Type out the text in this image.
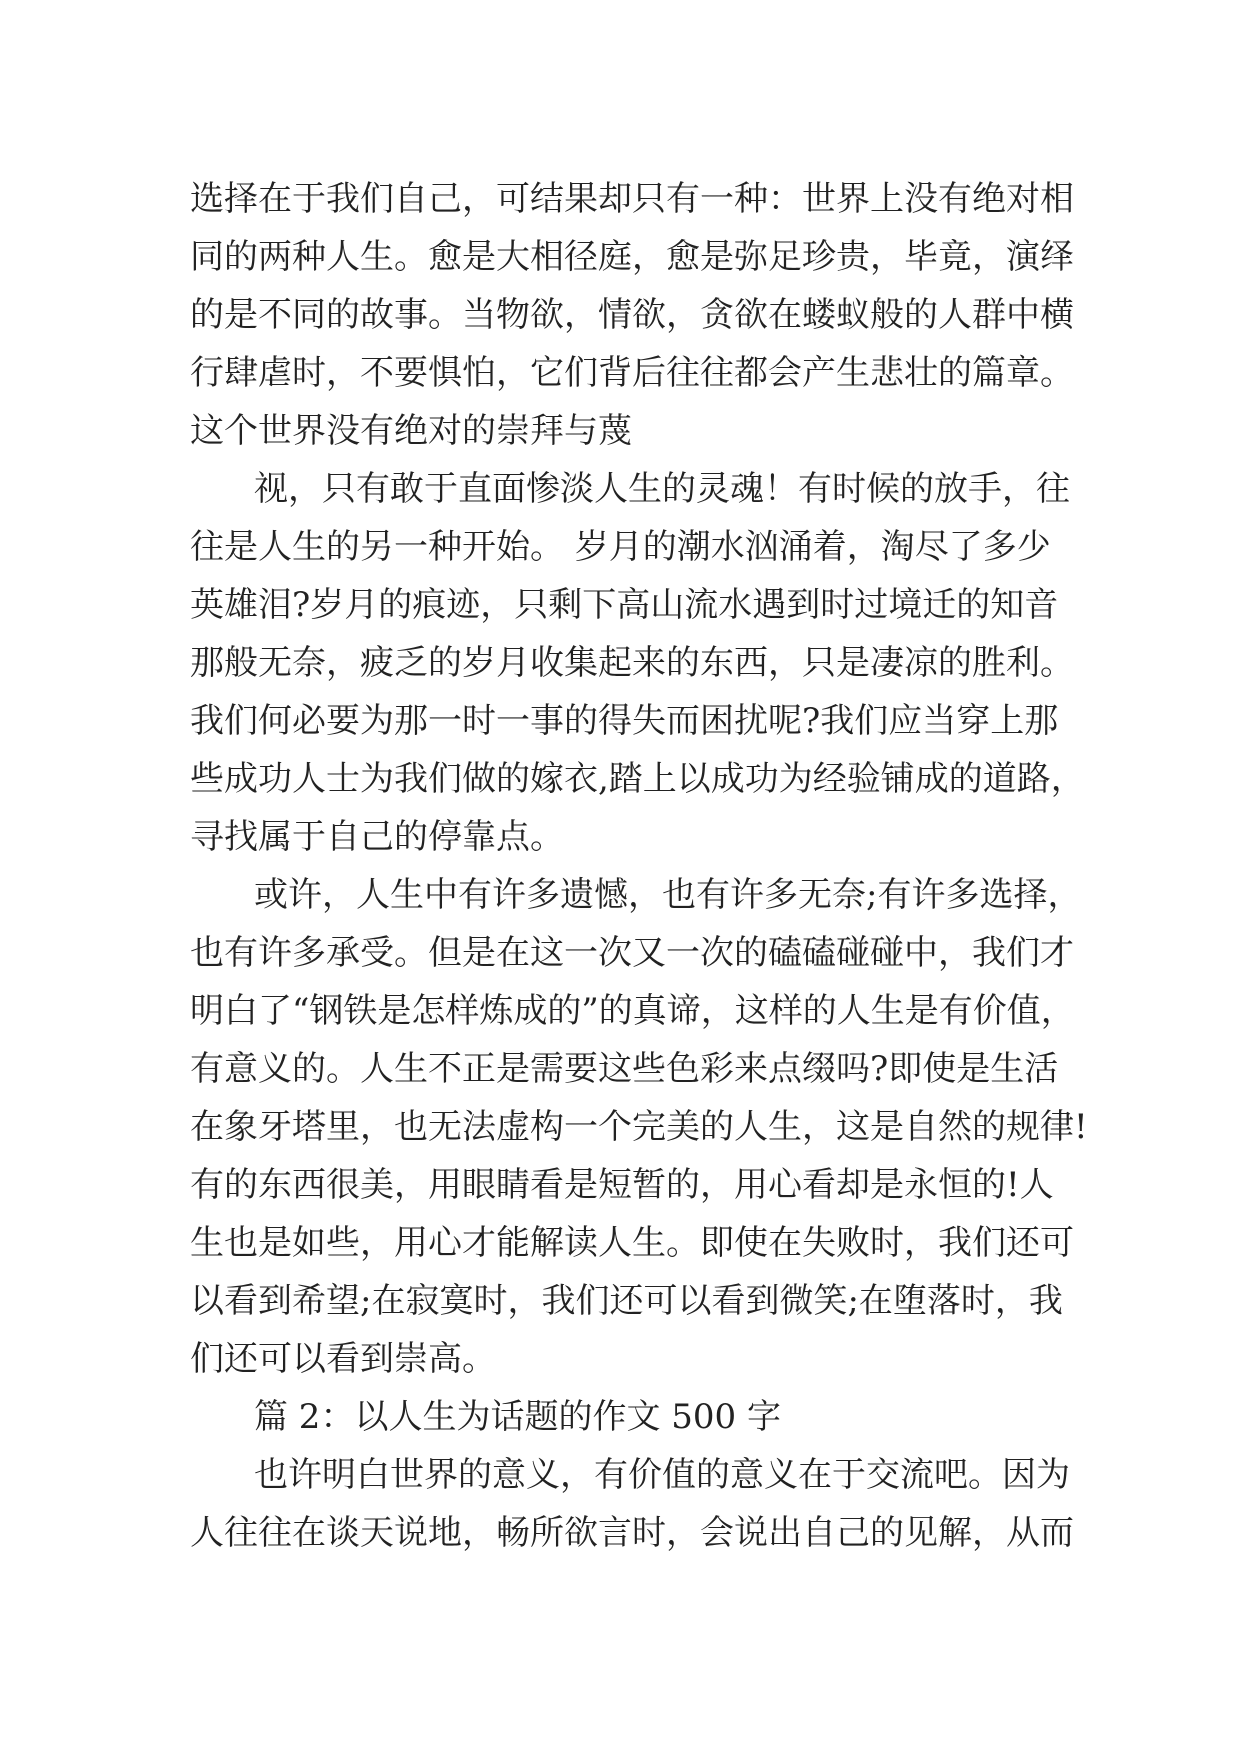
选择在于我们自己，可结果却只有一种：世界上没有绝对相
同的两种人生。愈是大相径庭，愈是弥足珍贵，毕竟，演绎
的是不同的故事。当物欲，情欲，贪欲在蝼蚁般的人群中横
行肆虐时，不要惧怕，它们背后往往都会产生悲壮的篇章。
这个世界没有绝对的崇拜与蔑
视，只有敢于直面惨淡人生的灵魂！有时候的放手，往
往是人生的另一种开始。 岁月的潮水汹涌着，淘尽了多少
英雄泪?岁月的痕迹，只剩下高山流水遇到时过境迁的知音
那般无奈，疲乏的岁月收集起来的东西，只是凄凉的胜利。
我们何必要为那一时一事的得失而困扰呢?我们应当穿上那
些成功人士为我们做的嫁衣,踏上以成功为经验铺成的道路，
寻找属于自己的停靠点。
或许，人生中有许多遗憾，也有许多无奈;有许多选择，
也有许多承受。但是在这一次又一次的磕磕碰碰中，我们才
明白了“钢铁是怎样炼成的”的真谛，这样的人生是有价值，
有意义的。人生不正是需要这些色彩来点缀吗?即使是生活
在象牙塔里，也无法虚构一个完美的人生，这是自然的规律!
有的东西很美，用眼睛看是短暂的，用心看却是永恒的!人
生也是如些，用心才能解读人生。即使在失败时，我们还可
以看到希望;在寂寞时，我们还可以看到微笑;在堕落时，我
们还可以看到崇高。
篇 2：以人生为话题的作文 500 字
也许明白世界的意义，有价值的意义在于交流吧。因为
人往往在谈天说地，畅所欲言时，会说出自己的见解，从而
